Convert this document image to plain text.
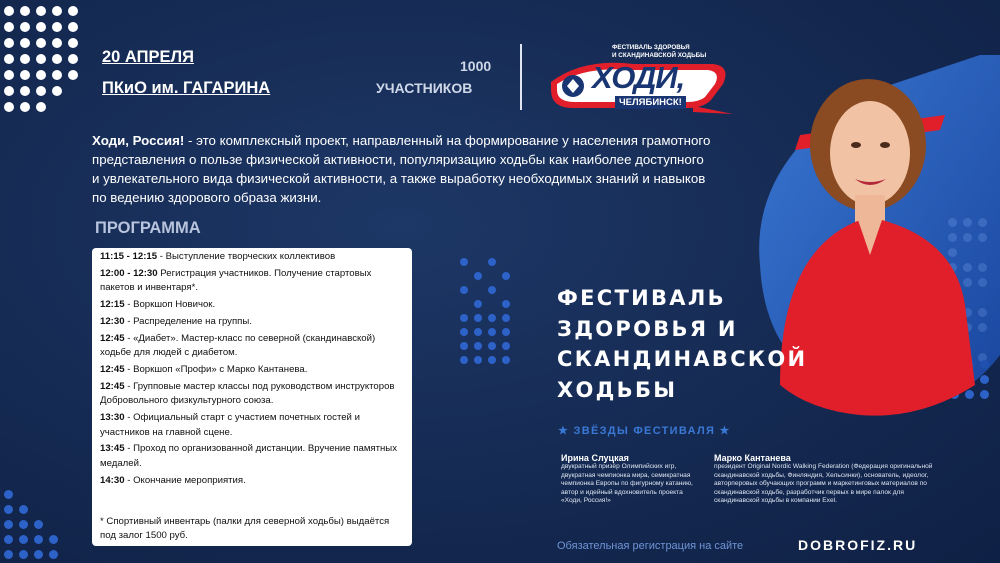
20 АПРЕЛЯ
ПКиО им. ГАГАРИНА
1000
УЧАСТНИКОВ
ФЕСТИВАЛЬ ЗДОРОВЬЯ
И СКАНДИНАВСКОЙ ХОДЬБЫ
ХОДИ,
ЧЕЛЯБИНСК!
Ходи, Россия! - это комплексный проект, направленный на формирование у населения грамотного представления о пользе физической активности, популяризацию ходьбы как наиболее доступного и увлекательного вида физической активности, а также выработку необходимых знаний и навыков по ведению здорового образа жизни.
ПРОГРАММА
11:15 - 12:15 - Выступление творческих коллективов
12:00 - 12:30 Регистрация участников. Получение стартовых пакетов и инвентаря*.
12:15 - Воркшоп Новичок.
12:30 - Распределение на группы.
12:45 - «Диабет». Мастер-класс по северной (скандинавской) ходьбе для людей с диабетом.
12:45 - Воркшоп «Профи» с Марко Кантанева.
12:45 - Групповые мастер классы под руководством инструкторов Добровольного физкультурного союза.
13:30 - Официальный старт с участием почетных гостей и участников на главной сцене.
13:45 - Проход по организованной дистанции. Вручение памятных медалей.
14:30 - Окончание мероприятия.
* Спортивный инвентарь (палки для северной ходьбы) выдаётся под залог 1500 руб.
ФЕСТИВАЛЬ
ЗДОРОВЬЯ И
СКАНДИНАВСКОЙ
ХОДЬБЫ
★ ЗВЁЗДЫ ФЕСТИВАЛЯ ★
Ирина Слуцкая
двукратный призёр Олимпийских игр, двукратная чемпионка мира, семикратная чемпионка Европы по фигурному катанию, автор и идейный вдохновитель проекта «Ходи, Россия!»
Марко Кантанева
президент Original Nordic Walking Federation (Федерация оригинальной скандинавской ходьбы, Финляндия, Хельсинки), основатель, идеолог, авторперовых обучающих программ и маркетинговых материалов по скандинавской ходьбе, разработчик первых в мире палок для скандинавской ходьбы в компании Exel.
Обязательная регистрация на сайте	DOBROFIZ.RU
